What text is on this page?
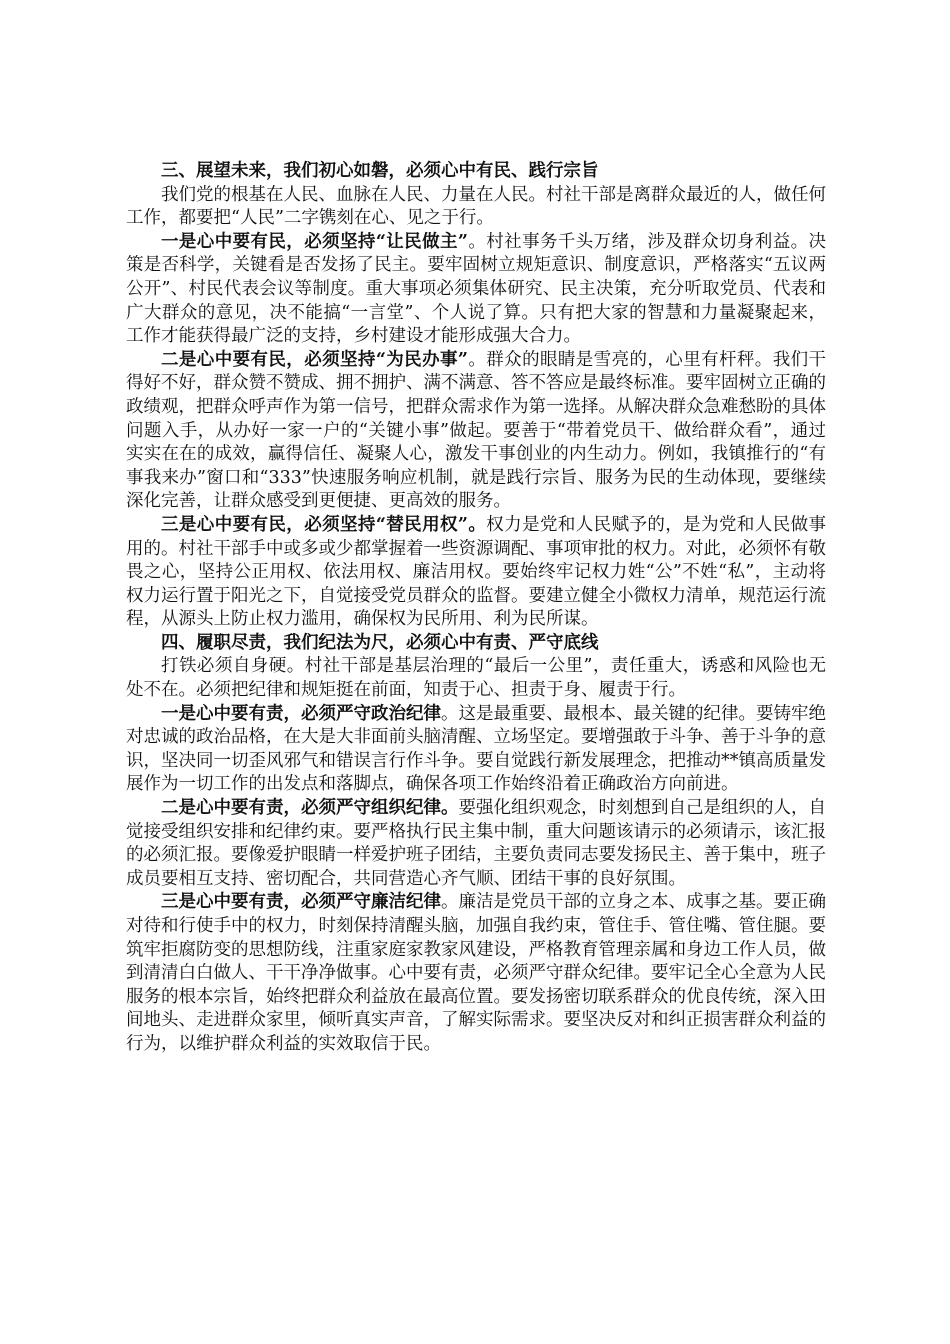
三、展望未来，我们初心如磐，必须心中有民、践行宗旨

我们党的根基在人民、血脉在人民、力量在人民。村社干部是离群众最近的人，做任何工作，都要把“人民”二字镌刻在心、见之于行。

一是心中要有民，必须坚持“让民做主”。村社事务千头万绪，涉及群众切身利益。决策是否科学，关键看是否发扬了民主。要牢固树立规矩意识、制度意识，严格落实“五议两公开”、村民代表会议等制度。重大事项必须集体研究、民主决策，充分听取党员、代表和广大群众的意见，决不能搞“一言堂”、个人说了算。只有把大家的智慧和力量凝聚起来，工作才能获得最广泛的支持，乡村建设才能形成强大合力。

二是心中要有民，必须坚持“为民办事”。群众的眼睛是雪亮的，心里有杆秤。我们干得好不好，群众赞不赞成、拥不拥护、满不满意、答不答应是最终标准。要牢固树立正确的政绩观，把群众呼声作为第一信号，把群众需求作为第一选择。从解决群众急难愁盼的具体问题入手，从办好一家一户的“关键小事”做起。要善于“带着党员干、做给群众看”，通过实实在在的成效，赢得信任、凝聚人心，激发干事创业的内生动力。例如，我镇推行的“有事我来办”窗口和“333”快速服务响应机制，就是践行宗旨、服务为民的生动体现，要继续深化完善，让群众感受到更便捷、更高效的服务。

三是心中要有民，必须坚持“替民用权”。权力是党和人民赋予的，是为党和人民做事用的。村社干部手中或多或少都掌握着一些资源调配、事项审批的权力。对此，必须怀有敬畏之心，坚持公正用权、依法用权、廉洁用权。要始终牢记权力姓“公”不姓“私”，主动将权力运行置于阳光之下，自觉接受党员群众的监督。要建立健全小微权力清单，规范运行流程，从源头上防止权力滥用，确保权为民所用、利为民所谋。

四、履职尽责，我们纪法为尺，必须心中有责、严守底线

打铁必须自身硬。村社干部是基层治理的“最后一公里”，责任重大，诱惑和风险也无处不在。必须把纪律和规矩挺在前面，知责于心、担责于身、履责于行。

一是心中要有责，必须严守政治纪律。这是最重要、最根本、最关键的纪律。要铸牢绝对忠诚的政治品格，在大是大非面前头脑清醒、立场坚定。要增强敢于斗争、善于斗争的意识，坚决同一切歪风邪气和错误言行作斗争。要自觉践行新发展理念，把推动**镇高质量发展作为一切工作的出发点和落脚点，确保各项工作始终沿着正确政治方向前进。

二是心中要有责，必须严守组织纪律。要强化组织观念，时刻想到自己是组织的人，自觉接受组织安排和纪律约束。要严格执行民主集中制，重大问题该请示的必须请示，该汇报的必须汇报。要像爱护眼睛一样爱护班子团结，主要负责同志要发扬民主、善于集中，班子成员要相互支持、密切配合，共同营造心齐气顺、团结干事的良好氛围。

三是心中要有责，必须严守廉洁纪律。廉洁是党员干部的立身之本、成事之基。要正确对待和行使手中的权力，时刻保持清醒头脑，加强自我约束，管住手、管住嘴、管住腿。要筑牢拒腐防变的思想防线，注重家庭家教家风建设，严格教育管理亲属和身边工作人员，做到清清白白做人、干干净净做事。心中要有责，必须严守群众纪律。要牢记全心全意为人民服务的根本宗旨，始终把群众利益放在最高位置。要发扬密切联系群众的优良传统，深入田间地头、走进群众家里，倾听真实声音，了解实际需求。要坚决反对和纠正损害群众利益的行为，以维护群众利益的实效取信于民。
